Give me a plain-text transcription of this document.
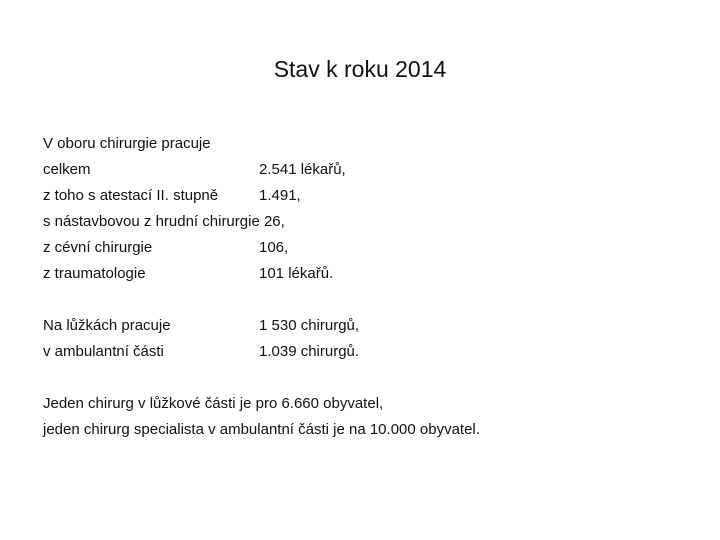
Stav k roku 2014
V oboru chirurgie pracuje
celkem	2.541 lékařů,
z toho s atestací II. stupně	1.491,
s nástavbovou z hrudní chirurgie 26,
z cévní chirurgie	106,
z traumatologie	101 lékařů.
Na lůžkách pracuje	1 530 chirurgů,
v ambulantní části	1.039 chirurgů.
Jeden chirurg v lůžkové části je pro 6.660 obyvatel,
jeden chirurg specialista v ambulantní části je na 10.000 obyvatel.
